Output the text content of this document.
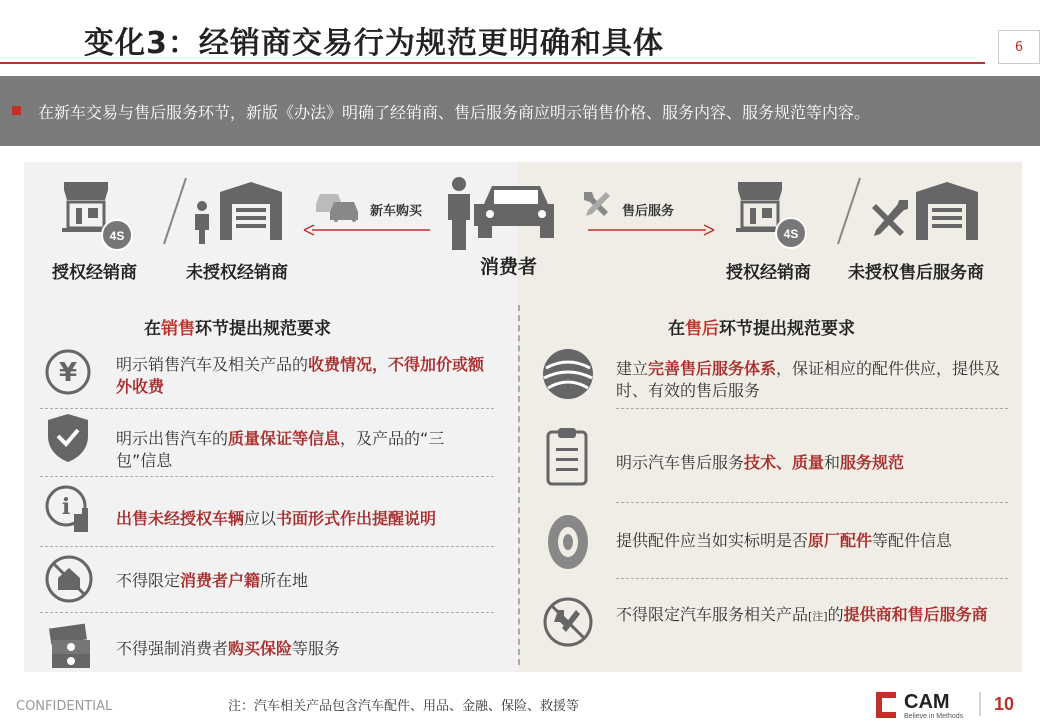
变化3：经销商交易行为规范更明确和具体	6
在新车交易与售后服务环节，新版《办法》明确了经销商、售后服务商应明示销售价格、服务内容、服务规范等内容。
4S
授权经销商	未授权经销商
新车购买
消费者
售后服务
4S
授权经销商 未授权售后服务商
在销售环节提出规范要求	在售后环节提出规范要求
¥ 明示销售汽车及相关产品的收费情况，不得加价或额外收费
明示出售汽车的质量保证等信息，及产品的“三包”信息
i	出售未经授权车辆应以书面形式作出提醒说明
不得限定消费者户籍所在地
不得强制消费者购买保险等服务
建立完善售后服务体系，保证相应的配件供应，提供及时、有效的售后服务
明示汽车售后服务技术、质量和服务规范
提供配件应当如实标明是否原厂配件等配件信息
不得限定汽车服务相关产品[注]的提供商和售后服务商
CONFIDENTIAL	注：汽车相关产品包含汽车配件、用品、金融、保险、救援等	CAM
Believe in Methods
10
